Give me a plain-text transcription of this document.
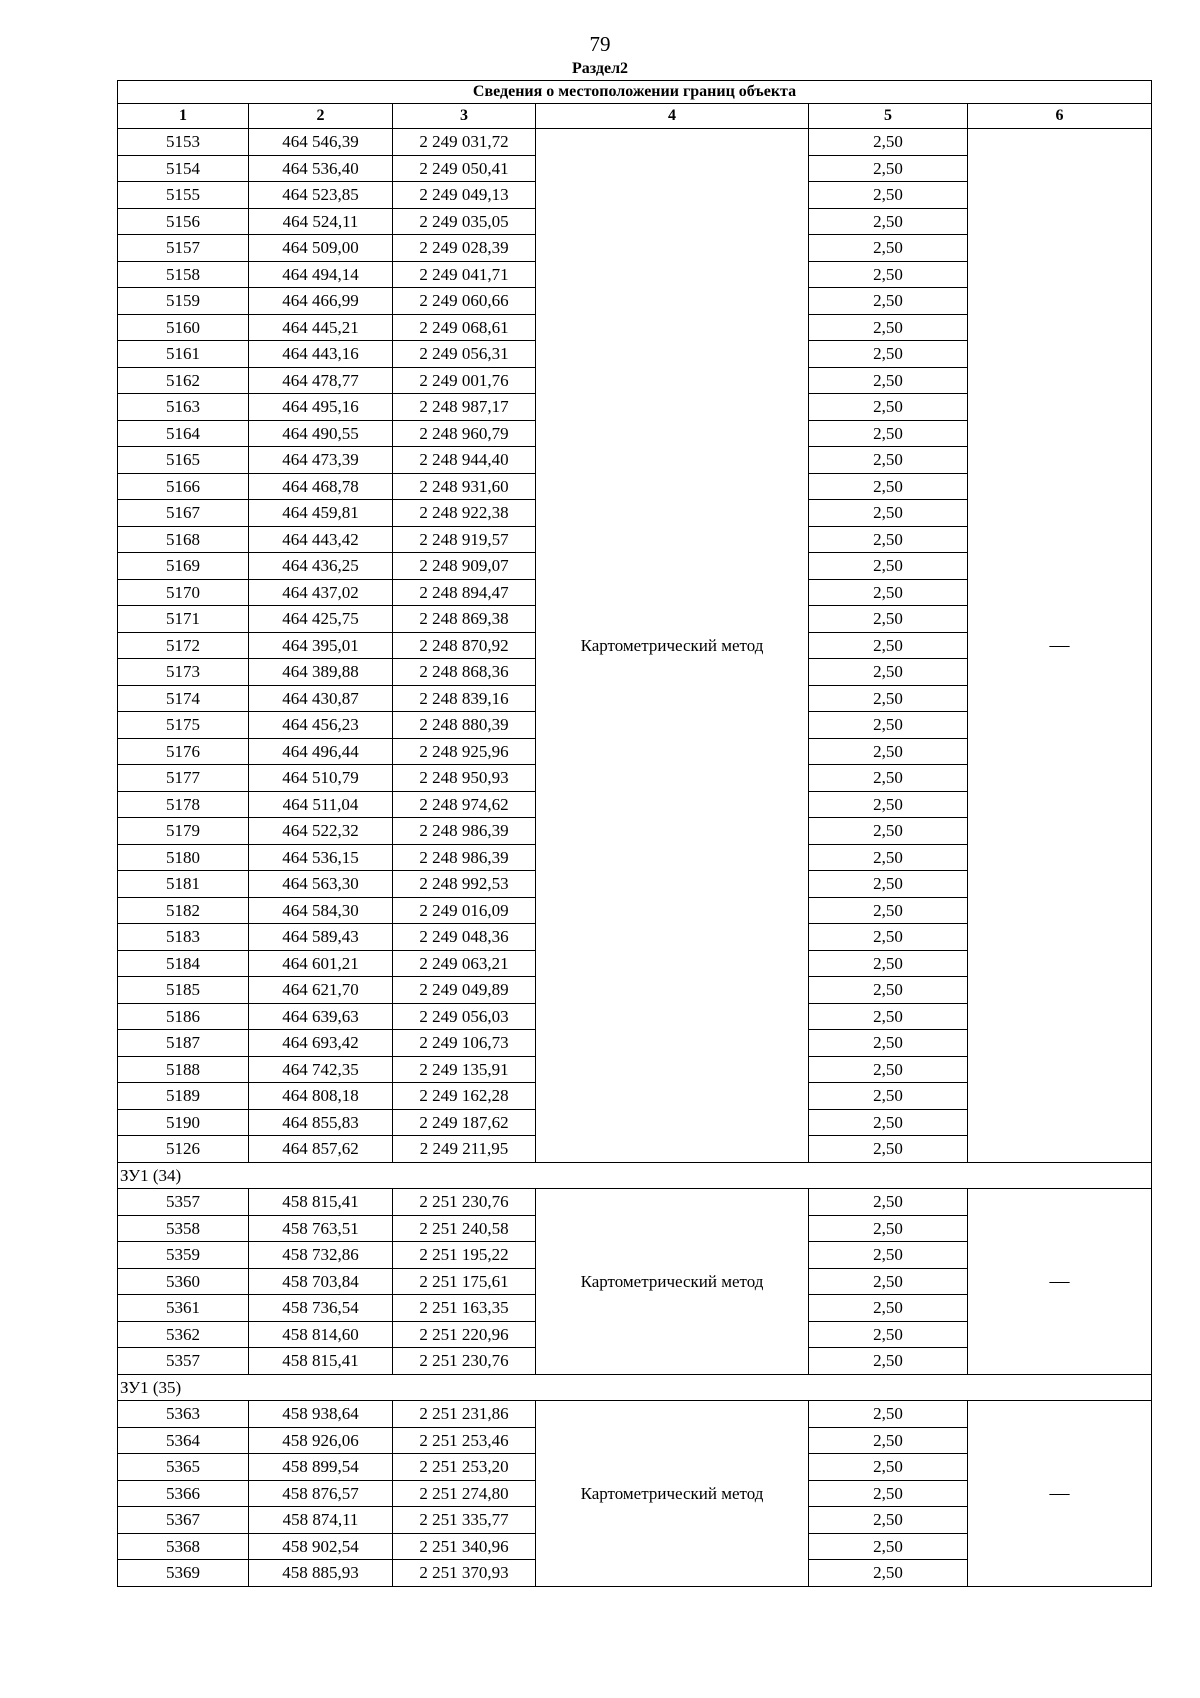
79
Раздел2
Сведения о местоположении границ объекта					
1	2	3	4	5	6
5153	464 546,39	2 249 031,72	Картометрический метод	2,50	—
5154	464 536,40	2 249 050,41		2,50	
5155	464 523,85	2 249 049,13		2,50	
5156	464 524,11	2 249 035,05		2,50	
5157	464 509,00	2 249 028,39		2,50	
5158	464 494,14	2 249 041,71		2,50	
5159	464 466,99	2 249 060,66		2,50	
5160	464 445,21	2 249 068,61		2,50	
5161	464 443,16	2 249 056,31		2,50	
5162	464 478,77	2 249 001,76		2,50	
5163	464 495,16	2 248 987,17		2,50	
5164	464 490,55	2 248 960,79		2,50	
5165	464 473,39	2 248 944,40		2,50	
5166	464 468,78	2 248 931,60		2,50	
5167	464 459,81	2 248 922,38		2,50	
5168	464 443,42	2 248 919,57		2,50	
5169	464 436,25	2 248 909,07		2,50	
5170	464 437,02	2 248 894,47		2,50	
5171	464 425,75	2 248 869,38		2,50	
5172	464 395,01	2 248 870,92		2,50	
5173	464 389,88	2 248 868,36		2,50	
5174	464 430,87	2 248 839,16		2,50	
5175	464 456,23	2 248 880,39		2,50	
5176	464 496,44	2 248 925,96		2,50	
5177	464 510,79	2 248 950,93		2,50	
5178	464 511,04	2 248 974,62		2,50	
5179	464 522,32	2 248 986,39		2,50	
5180	464 536,15	2 248 986,39		2,50	
5181	464 563,30	2 248 992,53		2,50	
5182	464 584,30	2 249 016,09		2,50	
5183	464 589,43	2 249 048,36		2,50	
5184	464 601,21	2 249 063,21		2,50	
5185	464 621,70	2 249 049,89		2,50	
5186	464 639,63	2 249 056,03		2,50	
5187	464 693,42	2 249 106,73		2,50	
5188	464 742,35	2 249 135,91		2,50	
5189	464 808,18	2 249 162,28		2,50	
5190	464 855,83	2 249 187,62		2,50	
5126	464 857,62	2 249 211,95		2,50	
ЗУ1 (34)					
5357	458 815,41	2 251 230,76	Картометрический метод	2,50	—
5358	458 763,51	2 251 240,58		2,50	
5359	458 732,86	2 251 195,22		2,50	
5360	458 703,84	2 251 175,61		2,50	
5361	458 736,54	2 251 163,35		2,50	
5362	458 814,60	2 251 220,96		2,50	
5357	458 815,41	2 251 230,76		2,50	
ЗУ1 (35)					
5363	458 938,64	2 251 231,86	Картометрический метод	2,50	—
5364	458 926,06	2 251 253,46		2,50	
5365	458 899,54	2 251 253,20		2,50	
5366	458 876,57	2 251 274,80		2,50	
5367	458 874,11	2 251 335,77		2,50	
5368	458 902,54	2 251 340,96		2,50	
5369	458 885,93	2 251 370,93		2,50	
